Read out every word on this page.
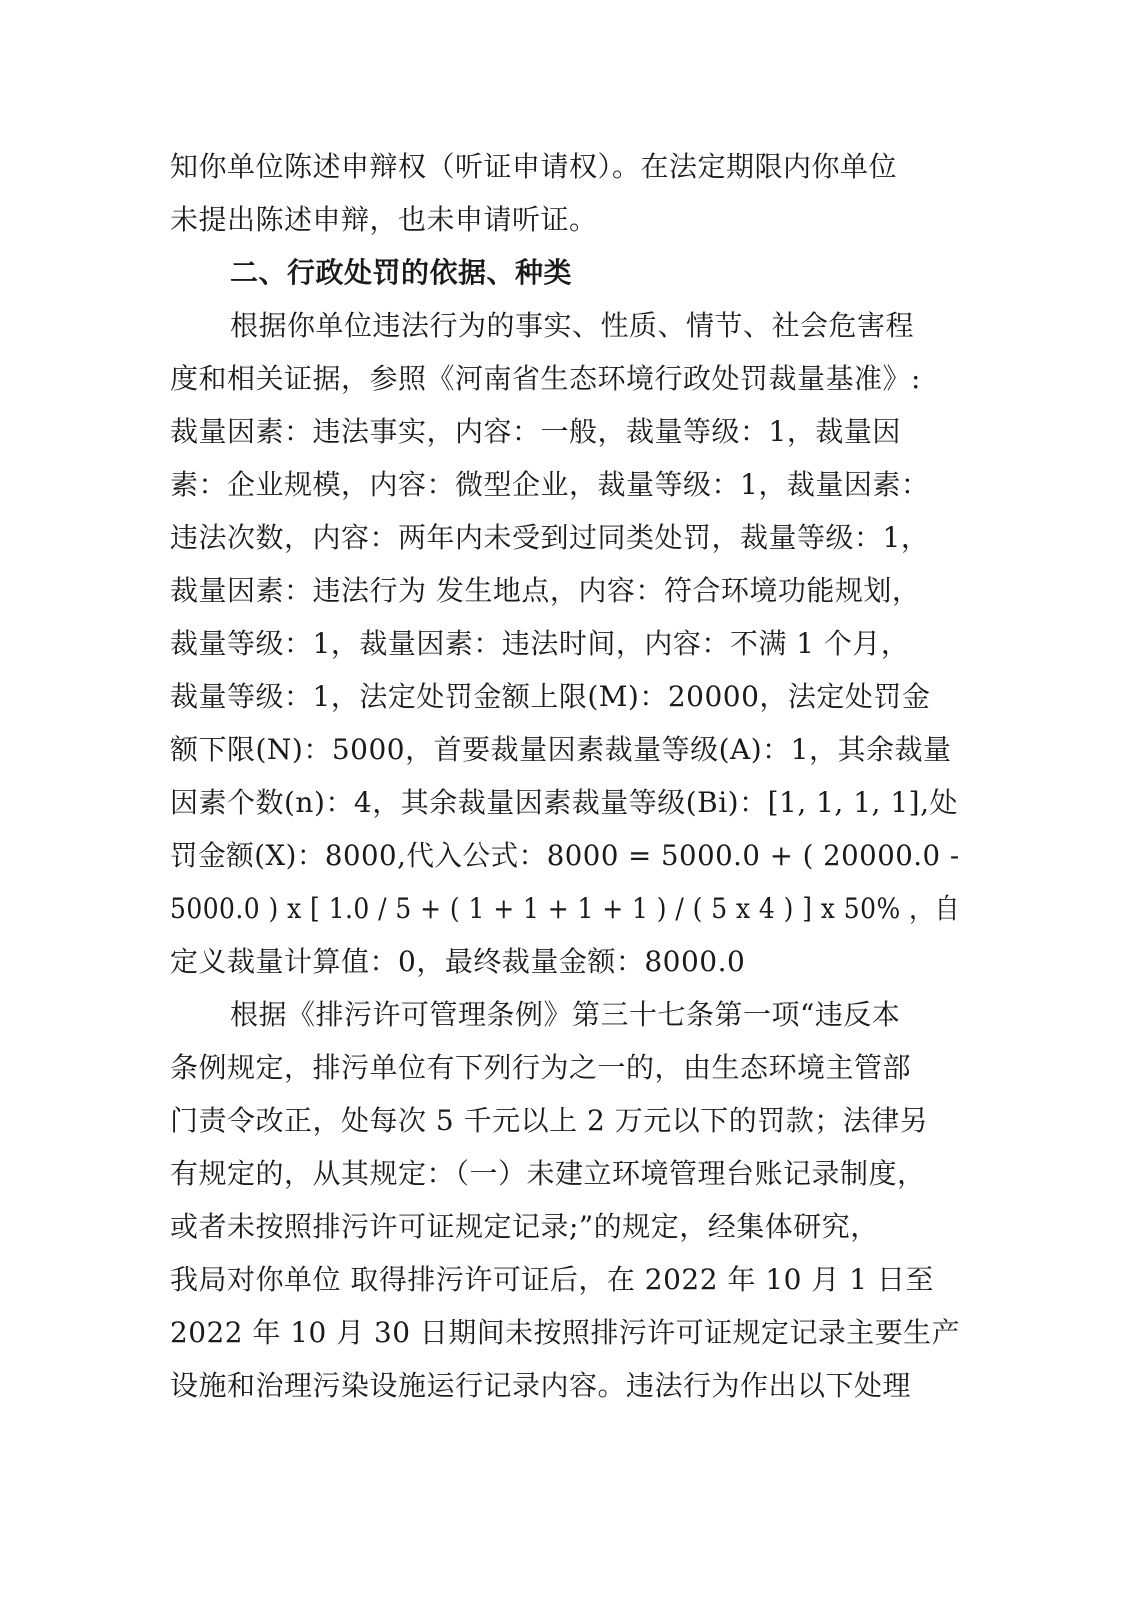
知你单位陈述申辩权（听证申请权）。在法定期限内你单位
未提出陈述申辩，也未申请听证。
二、行政处罚的依据、种类
根据你单位违法行为的事实、性质、情节、社会危害程
度和相关证据，参照《河南省生态环境行政处罚裁量基准》:
裁量因素：违法事实，内容：一般，裁量等级：1，裁量因
素：企业规模，内容：微型企业，裁量等级：1，裁量因素：
违法次数，内容：两年内未受到过同类处罚，裁量等级：1，
裁量因素：违法行为 发生地点，内容：符合环境功能规划，
裁量等级：1，裁量因素：违法时间，内容：不满 1 个月，
裁量等级：1，法定处罚金额上限(M)：20000，法定处罚金
额下限(N)：5000，首要裁量因素裁量等级(A)：1，其余裁量
因素个数(n)：4，其余裁量因素裁量等级(Bi)：[1, 1, 1, 1],处
罚金额(X)：8000,代入公式：8000 = 5000.0 + ( 20000.0 -
5000.0 ) x [ 1.0 / 5 + ( 1 + 1 + 1 + 1 ) / ( 5 x 4 ) ] x 50% ，自
定义裁量计算值：0，最终裁量金额：8000.0
根据《排污许可管理条例》第三十七条第一项“违反本
条例规定，排污单位有下列行为之一的，由生态环境主管部
门责令改正，处每次 5 千元以上 2 万元以下的罚款；法律另
有规定的，从其规定：（一）未建立环境管理台账记录制度，
或者未按照排污许可证规定记录;”的规定，经集体研究，
我局对你单位 取得排污许可证后，在 2022 年 10 月 1 日至
2022 年 10 月 30 日期间未按照排污许可证规定记录主要生产
设施和治理污染设施运行记录内容。违法行为作出以下处理
